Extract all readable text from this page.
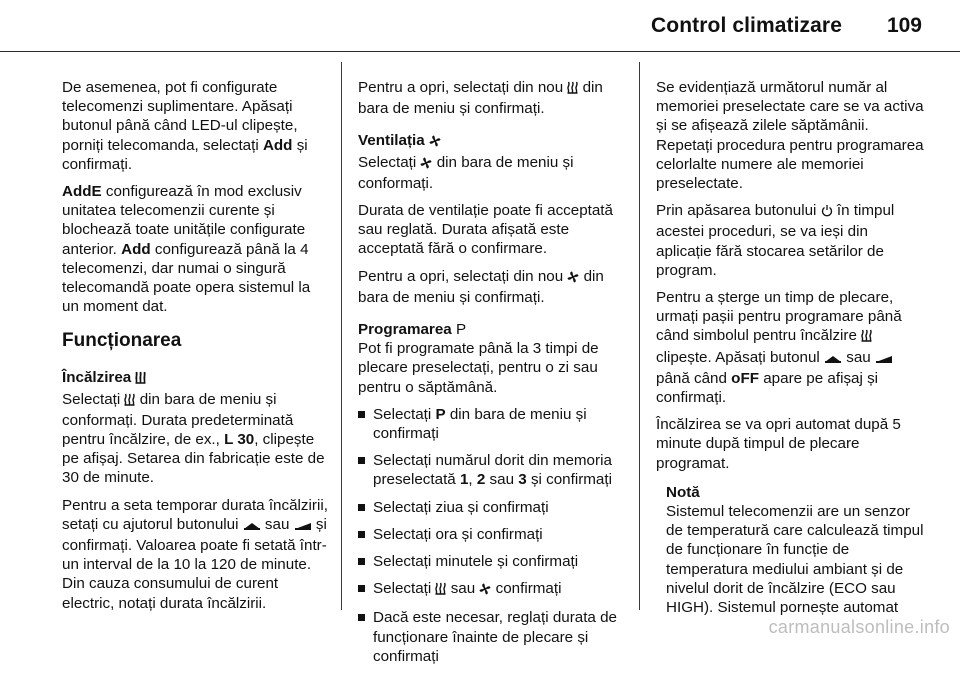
Control climatizare 109

De asemenea, pot fi configurate telecomenzi suplimentare. Apăsați butonul până când LED-ul clipește, porniți telecomanda, selectați Add și confirmați.

AddE configurează în mod exclusiv unitatea telecomenzii curente și blochează toate unitățile configurate anterior. Add configurează până la 4 telecomenzi, dar numai o singură telecomandă poate opera sistemul la un moment dat.

Funcționarea
Încălzirea

Selectați  din bara de meniu și conformați. Durata predeterminată pentru încălzire, de ex., L 30, clipește pe afișaj. Setarea din fabricație este de 30 de minute.

Pentru a seta temporar durata încălzirii, setați cu ajutorul butonului  sau  și confirmați. Valoarea poate fi setată într-un interval de la 10 la 120 de minute. Din cauza consumului de curent electric, notați durata încălzirii.

Pentru a opri, selectați din nou  din bara de meniu și confirmați.

Ventilația

Selectați  din bara de meniu și conformați.

Durata de ventilație poate fi acceptată sau reglată. Durata afișată este acceptată fără o confirmare.

Pentru a opri, selectați din nou  din bara de meniu și confirmați.

Programarea P

Pot fi programate până la 3 timpi de plecare preselectați, pentru o zi sau pentru o săptămână.

Selectați P din bara de meniu și confirmați
Selectați numărul dorit din memoria preselectată 1, 2 sau 3 și confirmați
Selectați ziua și confirmați
Selectați ora și confirmați
Selectați minutele și confirmați
Selectați  sau  confirmați
Dacă este necesar, reglați durata de funcționare înainte de plecare și confirmați

Se evidențiază următorul număr al memoriei preselectate care se va activa și se afișează zilele săptămânii. Repetați procedura pentru programarea celorlalte numere ale memoriei preselectate.

Prin apăsarea butonului  în timpul acestei proceduri, se va ieși din aplicație fără stocarea setărilor de program.

Pentru a șterge un timp de plecare, urmați pașii pentru programare până când simbolul pentru încălzire  clipește. Apăsați butonul  sau  până când oFF apare pe afișaj și confirmați.

Încălzirea se va opri automat după 5 minute după timpul de plecare programat.

Notă
Sistemul telecomenzii are un senzor de temperatură care calculează timpul de funcționare în funcție de temperatura mediului ambiant și de nivelul dorit de încălzire (ECO sau HIGH). Sistemul pornește automat
carmanualsonline.info
